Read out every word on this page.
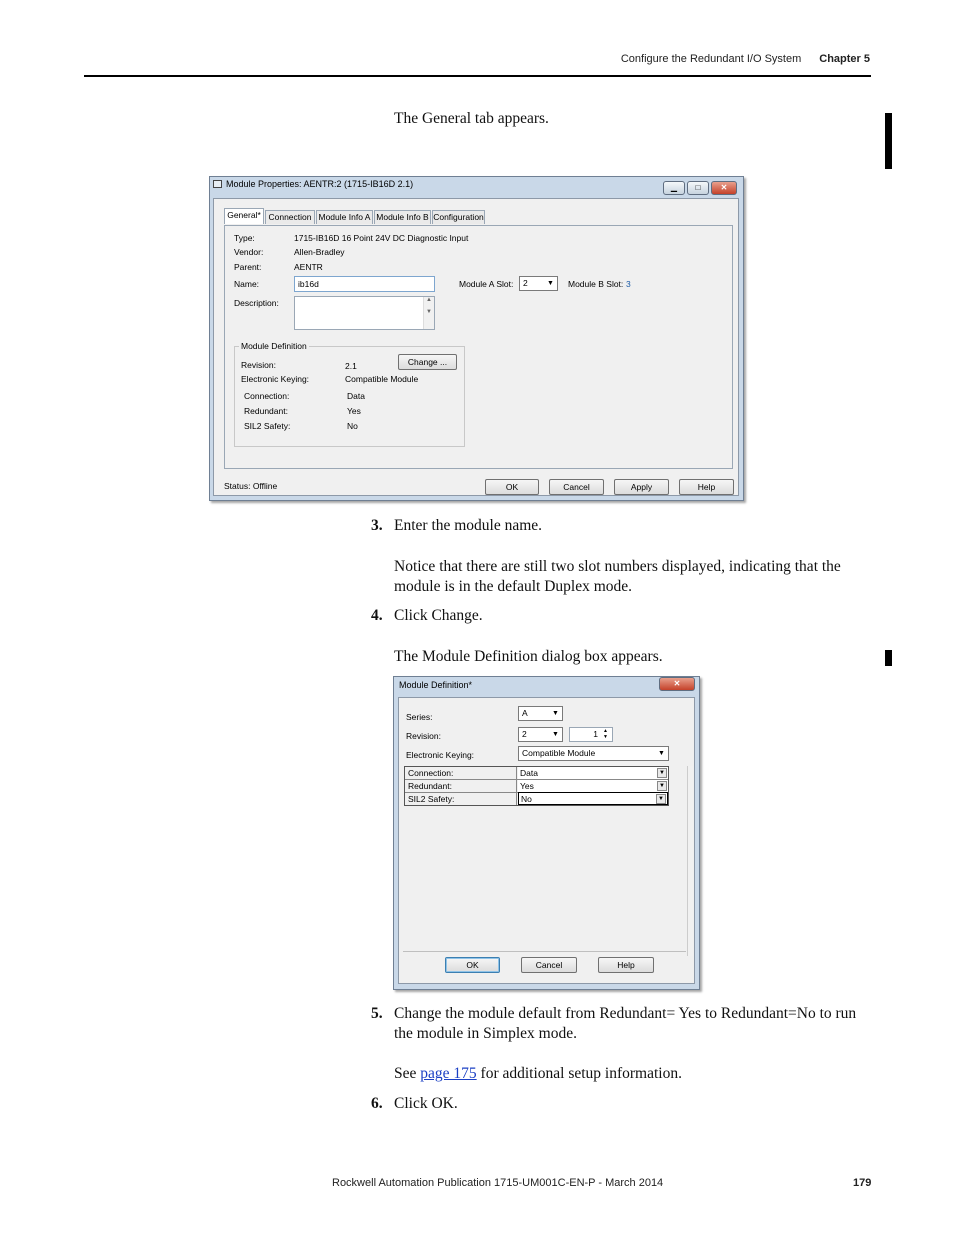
Configure the Redundant I/O System Chapter 5
The General tab appears.
Module Properties: AENTR:2 (1715-IB16D 2.1)	▁	□	✕
General* Connection Module Info A Module Info B Configuration
Type:	1715-IB16D 16 Point 24V DC Diagnostic Input
Vendor:	Allen-Bradley
Parent:	AENTR
Name:	ib16d	Module A Slot:	2	▼ Module B Slot: 3
Description:	▲

▼
Module Definition
Revision:	2.1	Change ...
Electronic Keying:	Compatible Module
Connection:	Data
Redundant:	Yes
SIL2 Safety:	No
Status: Offline	OK	Cancel	Apply	Help
3. Enter the module name.
Notice that there are still two slot numbers displayed, indicating that the module is in the default Duplex mode.
4. Click Change.
The Module Definition dialog box appears.
Module Definition*	✕
Series:	A	▼
Revision:	2	▼	1	▲
▼
Electronic Keying:	Compatible Module	▼
Connection:	Data	▼
Redundant:	Yes	▼
SIL2 Safety:	No	▼
OK	Cancel	Help
5. Change the module default from Redundant= Yes to Redundant=No to run the module in Simplex mode.
See page 175 for additional setup information.
6. Click OK.
Rockwell Automation Publication 1715-UM001C-EN-P - March 2014	179
